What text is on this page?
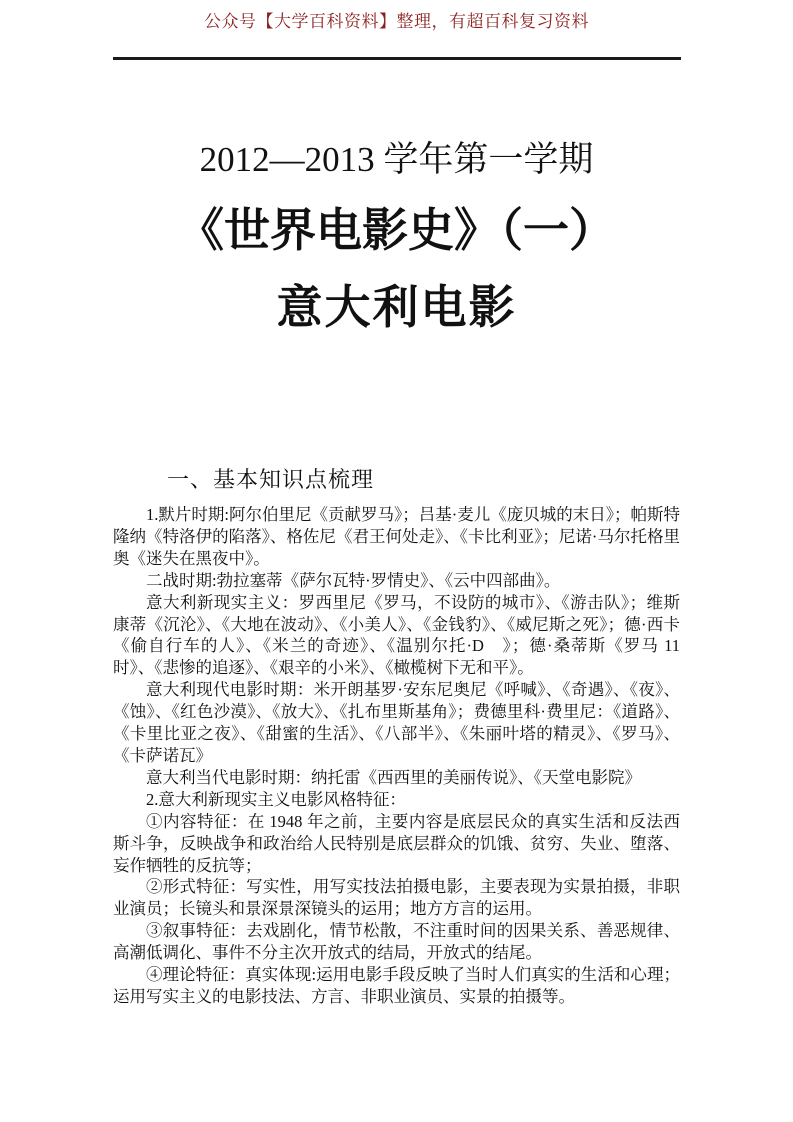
公众号【大学百科资料】整理，有超百科复习资料
2012—2013 学年第一学期
《世界电影史》（一）
意大利电影
一、基本知识点梳理

1.默片时期:阿尔伯里尼《贡献罗马》；吕基·麦儿《庞贝城的末日》；帕斯特隆纳《特洛伊的陷落》、格佐尼《君王何处走》、《卡比利亚》；尼诺·马尔托格里奥《迷失在黑夜中》。

二战时期:勃拉塞蒂《萨尔瓦特·罗情史》、《云中四部曲》。

意大利新现实主义：罗西里尼《罗马，不设防的城市》、《游击队》；维斯康蒂《沉沦》、《大地在波动》、《小美人》、《金钱豹》、《威尼斯之死》；德·西卡《偷自行车的人》、《米兰的奇迹》、《温别尔托·D　》；德·桑蒂斯《罗马 11 时》、《悲惨的追逐》、《艰辛的小米》、《橄榄树下无和平》。

意大利现代电影时期：米开朗基罗·安东尼奥尼《呼喊》、《奇遇》、《夜》、《蚀》、《红色沙漠》、《放大》、《扎布里斯基角》；费德里科·费里尼：《道路》、《卡里比亚之夜》、《甜蜜的生活》、《八部半》、《朱丽叶塔的精灵》、《罗马》、《卡萨诺瓦》

意大利当代电影时期：纳托雷《西西里的美丽传说》、《天堂电影院》

2.意大利新现实主义电影风格特征：

①内容特征：在 1948 年之前，主要内容是底层民众的真实生活和反法西斯斗争，反映战争和政治给人民特别是底层群众的饥饿、贫穷、失业、堕落、妄作牺牲的反抗等；

②形式特征：写实性，用写实技法拍摄电影，主要表现为实景拍摄，非职业演员；长镜头和景深景深镜头的运用；地方方言的运用。

③叙事特征：去戏剧化，情节松散，不注重时间的因果关系、善恶规律、高潮低调化、事件不分主次开放式的结局，开放式的结尾。

④理论特征：真实体现:运用电影手段反映了当时人们真实的生活和心理；运用写实主义的电影技法、方言、非职业演员、实景的拍摄等。
